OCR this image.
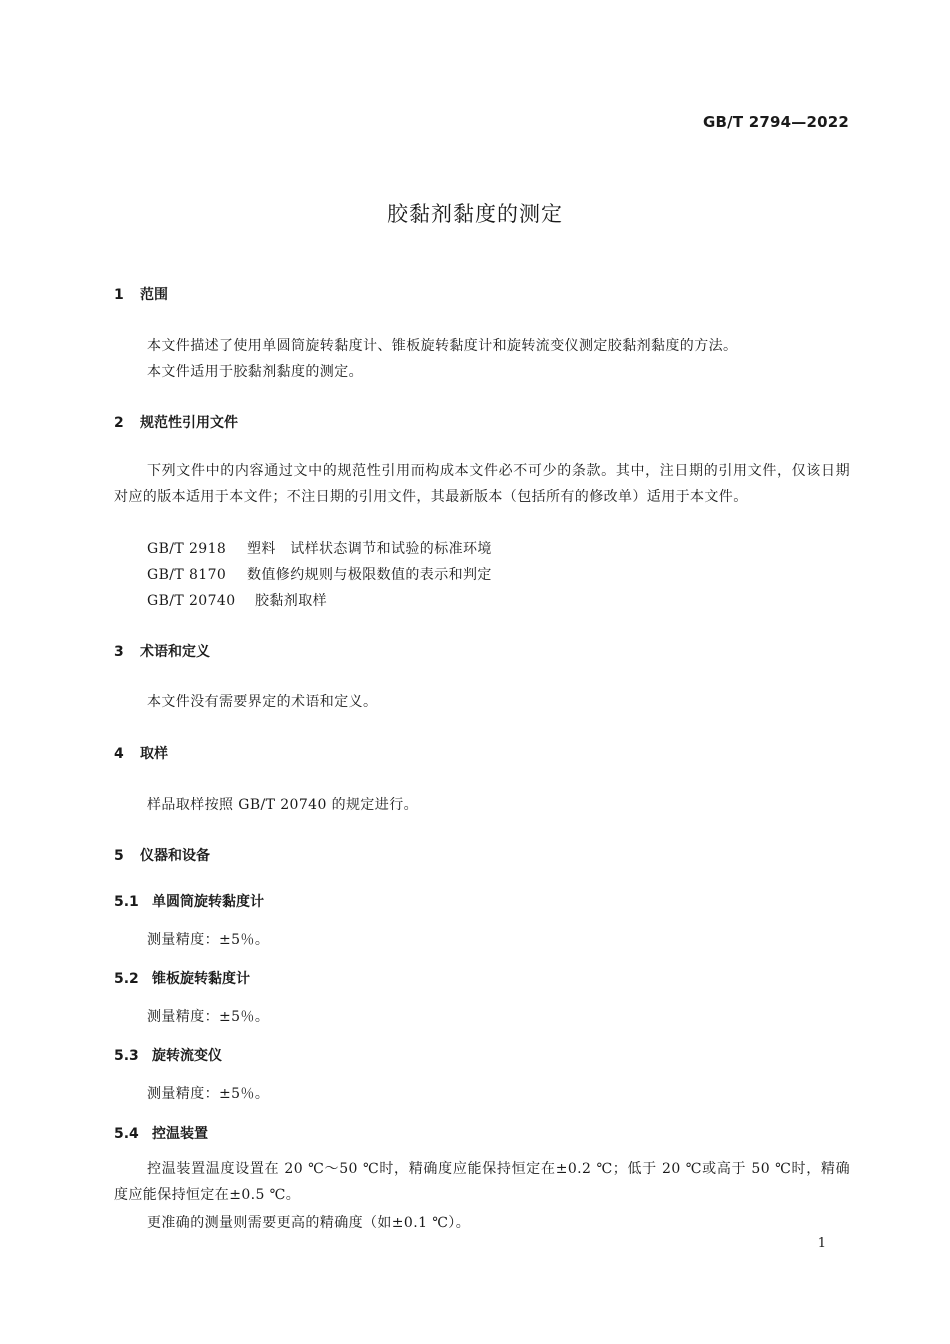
GB/T 2794—2022
胶黏剂黏度的测定
1 范围
本文件描述了使用单圆筒旋转黏度计、锥板旋转黏度计和旋转流变仪测定胶黏剂黏度的方法。
本文件适用于胶黏剂黏度的测定。
2 规范性引用文件
下列文件中的内容通过文中的规范性引用而构成本文件必不可少的条款。其中，注日期的引用文件，仅该日期对应的版本适用于本文件；不注日期的引用文件，其最新版本（包括所有的修改单）适用于本文件。
GB/T 2918 塑料　试样状态调节和试验的标准环境
GB/T 8170 数值修约规则与极限数值的表示和判定
GB/T 20740 胶黏剂取样
3 术语和定义
本文件没有需要界定的术语和定义。
4 取样
样品取样按照 GB/T 20740 的规定进行。
5 仪器和设备
5.1 单圆筒旋转黏度计
测量精度：±5％。
5.2 锥板旋转黏度计
测量精度：±5％。
5.3 旋转流变仪
测量精度：±5％。
5.4 控温装置
控温装置温度设置在 20 ℃～50 ℃时，精确度应能保持恒定在±0.2 ℃；低于 20 ℃或高于 50 ℃时，精确度应能保持恒定在±0.5 ℃。
更准确的测量则需要更高的精确度（如±0.1 ℃）。
1
